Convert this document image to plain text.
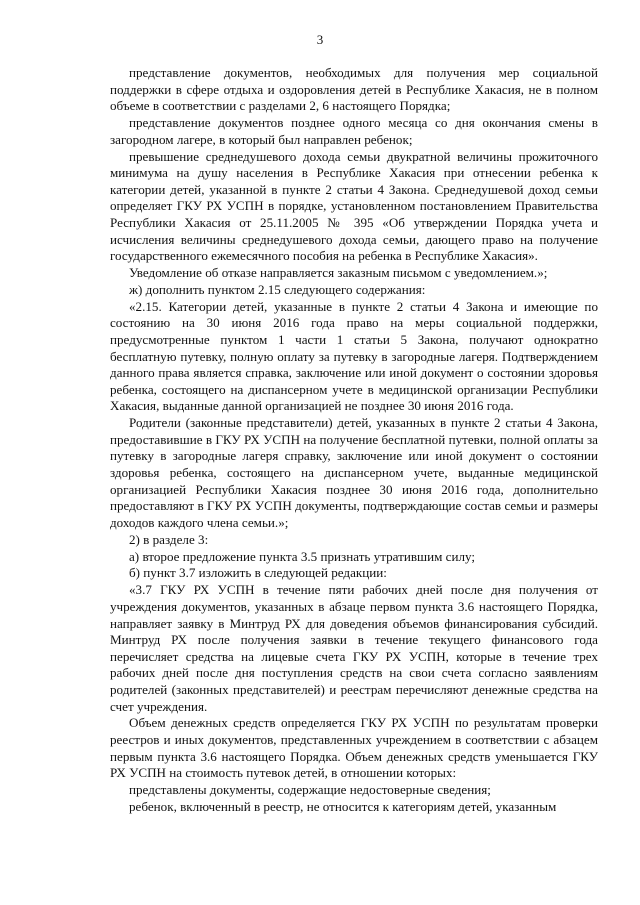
3

представление документов, необходимых для получения мер социальной поддержки в сфере отдыха и оздоровления детей в Республике Хакасия, не в полном объеме в соответствии с разделами 2, 6 настоящего Порядка;

представление документов позднее одного месяца со дня окончания смены в загородном лагере, в который был направлен ребенок;

превышение среднедушевого дохода семьи двукратной величины прожиточного минимума на душу населения в Республике Хакасия при отнесении ребенка к категории детей, указанной в пункте 2 статьи 4 Закона. Среднедушевой доход семьи определяет ГКУ РХ УСПН в порядке, установленном постановлением Правительства Республики Хакасия от 25.11.2005 № 395 «Об утверждении Порядка учета и исчисления величины среднедушевого дохода семьи, дающего право на получение государственного ежемесячного пособия на ребенка в Республике Хакасия».

Уведомление об отказе направляется заказным письмом с уведомлением.»;

ж) дополнить пунктом 2.15 следующего содержания:

«2.15. Категории детей, указанные в пункте 2 статьи 4 Закона и имеющие по состоянию на 30 июня 2016 года право на меры социальной поддержки, предусмотренные пунктом 1 части 1 статьи 5 Закона, получают однократно бесплатную путевку, полную оплату за путевку в загородные лагеря. Подтверждением данного права является справка, заключение или иной документ о состоянии здоровья ребенка, состоящего на диспансерном учете в медицинской организации Республики Хакасия, выданные данной организацией не позднее 30 июня 2016 года.

Родители (законные представители) детей, указанных в пункте 2 статьи 4 Закона, предоставившие в ГКУ РХ УСПН на получение бесплатной путевки, полной оплаты за путевку в загородные лагеря справку, заключение или иной документ о состоянии здоровья ребенка, состоящего на диспансерном учете, выданные медицинской организацией Республики Хакасия позднее 30 июня 2016 года, дополнительно предоставляют в ГКУ РХ УСПН документы, подтверждающие состав семьи и размеры доходов каждого члена семьи.»;

2) в разделе 3:

а) второе предложение пункта 3.5 признать утратившим силу;

б) пункт 3.7 изложить в следующей редакции:

«3.7 ГКУ РХ УСПН в течение пяти рабочих дней после дня получения от учреждения документов, указанных в абзаце первом пункта 3.6 настоящего Порядка, направляет заявку в Минтруд РХ для доведения объемов финансирования субсидий. Минтруд РХ после получения заявки в течение текущего финансового года перечисляет средства на лицевые счета ГКУ РХ УСПН, которые в течение трех рабочих дней после дня поступления средств на свои счета согласно заявлениям родителей (законных представителей) и реестрам перечисляют денежные средства на счет учреждения.

Объем денежных средств определяется ГКУ РХ УСПН по результатам проверки реестров и иных документов, представленных учреждением в соответствии с абзацем первым пункта 3.6 настоящего Порядка. Объем денежных средств уменьшается ГКУ РХ УСПН на стоимость путевок детей, в отношении которых:

представлены документы, содержащие недостоверные сведения;

ребенок, включенный в реестр, не относится к категориям детей, указанным
